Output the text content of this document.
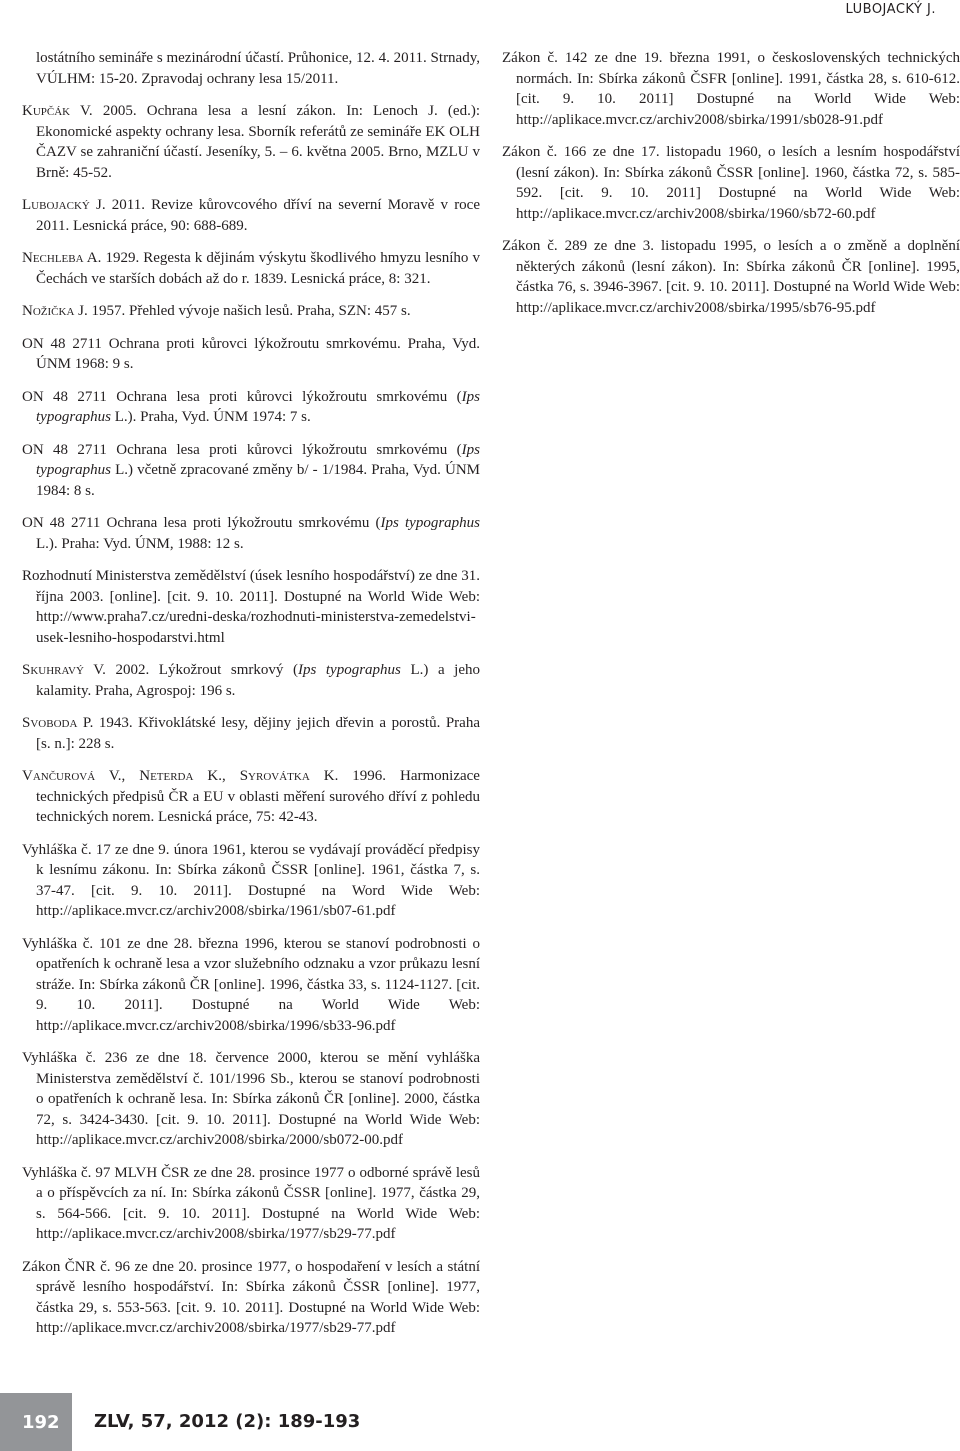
LUBOJACKÝ J.

lostátního semináře s mezinárodní účastí. Průhonice, 12. 4. 2011. Strnady, VÚLHM: 15-20. Zpravodaj ochrany lesa 15/2011.

Kupčák V. 2005. Ochrana lesa a lesní zákon. In: Lenoch J. (ed.): Ekonomické aspekty ochrany lesa. Sborník referátů ze semináře EK OLH ČAZV se zahraniční účastí. Jeseníky, 5. – 6. května 2005. Brno, MZLU v Brně: 45-52.

Lubojacký J. 2011. Revize kůrovcového dříví na severní Moravě v roce 2011. Lesnická práce, 90: 688-689.

Nechleba A. 1929. Regesta k dějinám výskytu škodlivého hmyzu lesního v Čechách ve starších dobách až do r. 1839. Lesnická práce, 8: 321.

Nožička J. 1957. Přehled vývoje našich lesů. Praha, SZN: 457 s.

ON 48 2711 Ochrana proti kůrovci lýkožroutu smrkovému. Praha, Vyd. ÚNM 1968: 9 s.

ON 48 2711 Ochrana lesa proti kůrovci lýkožroutu smrkovému (Ips typographus L.). Praha, Vyd. ÚNM 1974: 7 s.

ON 48 2711 Ochrana lesa proti kůrovci lýkožroutu smrkovému (Ips typographus L.) včetně zpracované změny b/ - 1/1984. Praha, Vyd. ÚNM 1984: 8 s.

ON 48 2711 Ochrana lesa proti lýkožroutu smrkovému (Ips typographus L.). Praha: Vyd. ÚNM, 1988: 12 s.

Rozhodnutí Ministerstva zemědělství (úsek lesního hospodářství) ze dne 31. října 2003. [online]. [cit. 9. 10. 2011]. Dostupné na World Wide Web: http://www.praha7.cz/uredni-deska/rozhodnuti-ministerstva-zemedelstvi-usek-lesniho-hospodarstvi.html

Skuhravý V. 2002. Lýkožrout smrkový (Ips typographus L.) a jeho kalamity. Praha, Agrospoj: 196 s.

Svoboda P. 1943. Křivoklátské lesy, dějiny jejich dřevin a porostů. Praha [s. n.]: 228 s.

Vančurová V., Neterda K., Syrovátka K. 1996. Harmonizace technických předpisů ČR a EU v oblasti měření surového dříví z pohledu technických norem. Lesnická práce, 75: 42-43.

Vyhláška č. 17 ze dne 9. února 1961, kterou se vydávají prováděcí předpisy k lesnímu zákonu. In: Sbírka zákonů ČSSR [online]. 1961, částka 7, s. 37-47. [cit. 9. 10. 2011]. Dostupné na Word Wide Web: http://aplikace.mvcr.cz/archiv2008/sbirka/1961/sb07-61.pdf

Vyhláška č. 101 ze dne 28. března 1996, kterou se stanoví podrobnosti o opatřeních k ochraně lesa a vzor služebního odznaku a vzor průkazu lesní stráže. In: Sbírka zákonů ČR [online]. 1996, částka 33, s. 1124-1127. [cit. 9. 10. 2011]. Dostupné na World Wide Web: http://aplikace.mvcr.cz/archiv2008/sbirka/1996/sb33-96.pdf

Vyhláška č. 236 ze dne 18. července 2000, kterou se mění vyhláška Ministerstva zemědělství č. 101/1996 Sb., kterou se stanoví podrobnosti o opatřeních k ochraně lesa. In: Sbírka zákonů ČR [online]. 2000, částka 72, s. 3424-3430. [cit. 9. 10. 2011]. Dostupné na World Wide Web: http://aplikace.mvcr.cz/archiv2008/sbirka/2000/sb072-00.pdf

Vyhláška č. 97 MLVH ČSR ze dne 28. prosince 1977 o odborné správě lesů a o příspěvcích za ní. In: Sbírka zákonů ČSSR [online]. 1977, částka 29, s. 564-566. [cit. 9. 10. 2011]. Dostupné na World Wide Web: http://aplikace.mvcr.cz/archiv2008/sbirka/1977/sb29-77.pdf

Zákon ČNR č. 96 ze dne 20. prosince 1977, o hospodaření v lesích a státní správě lesního hospodářství. In: Sbírka zákonů ČSSR [online]. 1977, částka 29, s. 553-563. [cit. 9. 10. 2011]. Dostupné na World Wide Web: http://aplikace.mvcr.cz/archiv2008/sbirka/1977/sb29-77.pdf

Zákon č. 142 ze dne 19. března 1991, o československých technických normách. In: Sbírka zákonů ČSFR [online]. 1991, částka 28, s. 610-612. [cit. 9. 10. 2011] Dostupné na World Wide Web: http://aplikace.mvcr.cz/archiv2008/sbirka/1991/sb028-91.pdf

Zákon č. 166 ze dne 17. listopadu 1960, o lesích a lesním hospodářství (lesní zákon). In: Sbírka zákonů ČSSR [online]. 1960, částka 72, s. 585-592. [cit. 9. 10. 2011] Dostupné na World Wide Web: http://aplikace.mvcr.cz/archiv2008/sbirka/1960/sb72-60.pdf

Zákon č. 289 ze dne 3. listopadu 1995, o lesích a o změně a doplnění některých zákonů (lesní zákon). In: Sbírka zákonů ČR [online]. 1995, částka 76, s. 3946-3967. [cit. 9. 10. 2011]. Dostupné na World Wide Web: http://aplikace.mvcr.cz/archiv2008/sbirka/1995/sb76-95.pdf

192 ZLV, 57, 2012 (2): 189-193
